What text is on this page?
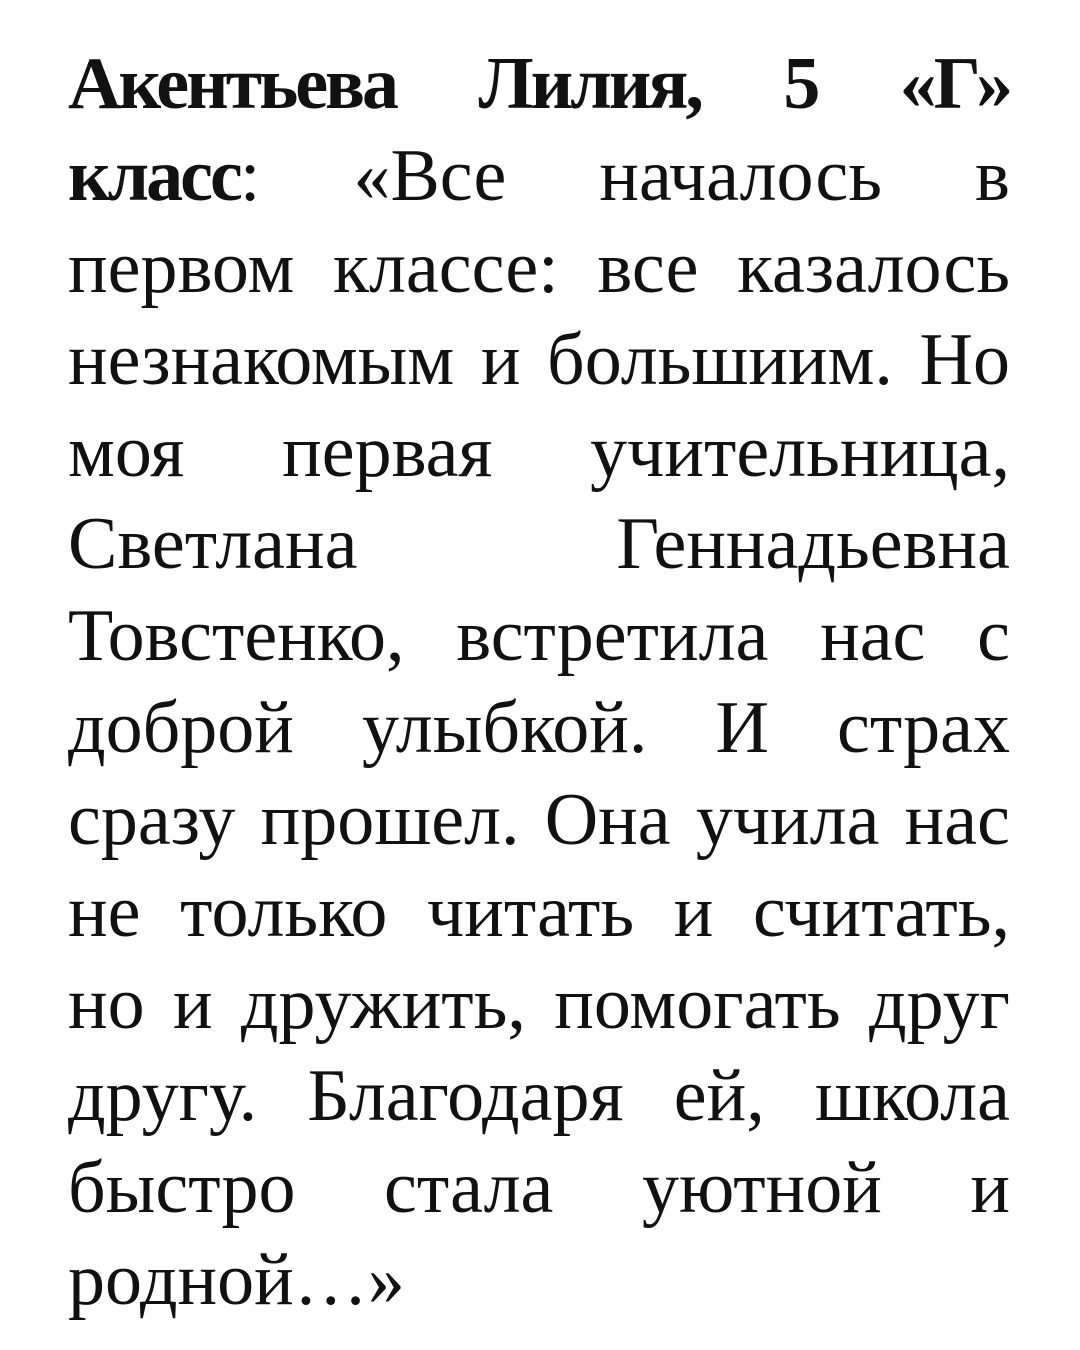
Акентьева Лилия, 5 «Г»
класс: «Все началось в
первом классе: все казалось
незнакомым и большиим. Но
моя первая учительница,
Светлана	Геннадьевна
Товстенко, встретила нас с
доброй улыбкой. И страх
сразу прошел. Она учила нас
не только читать и считать,
но и дружить, помогать друг
другу. Благодаря ей, школа
быстро стала уютной и
родной…»
